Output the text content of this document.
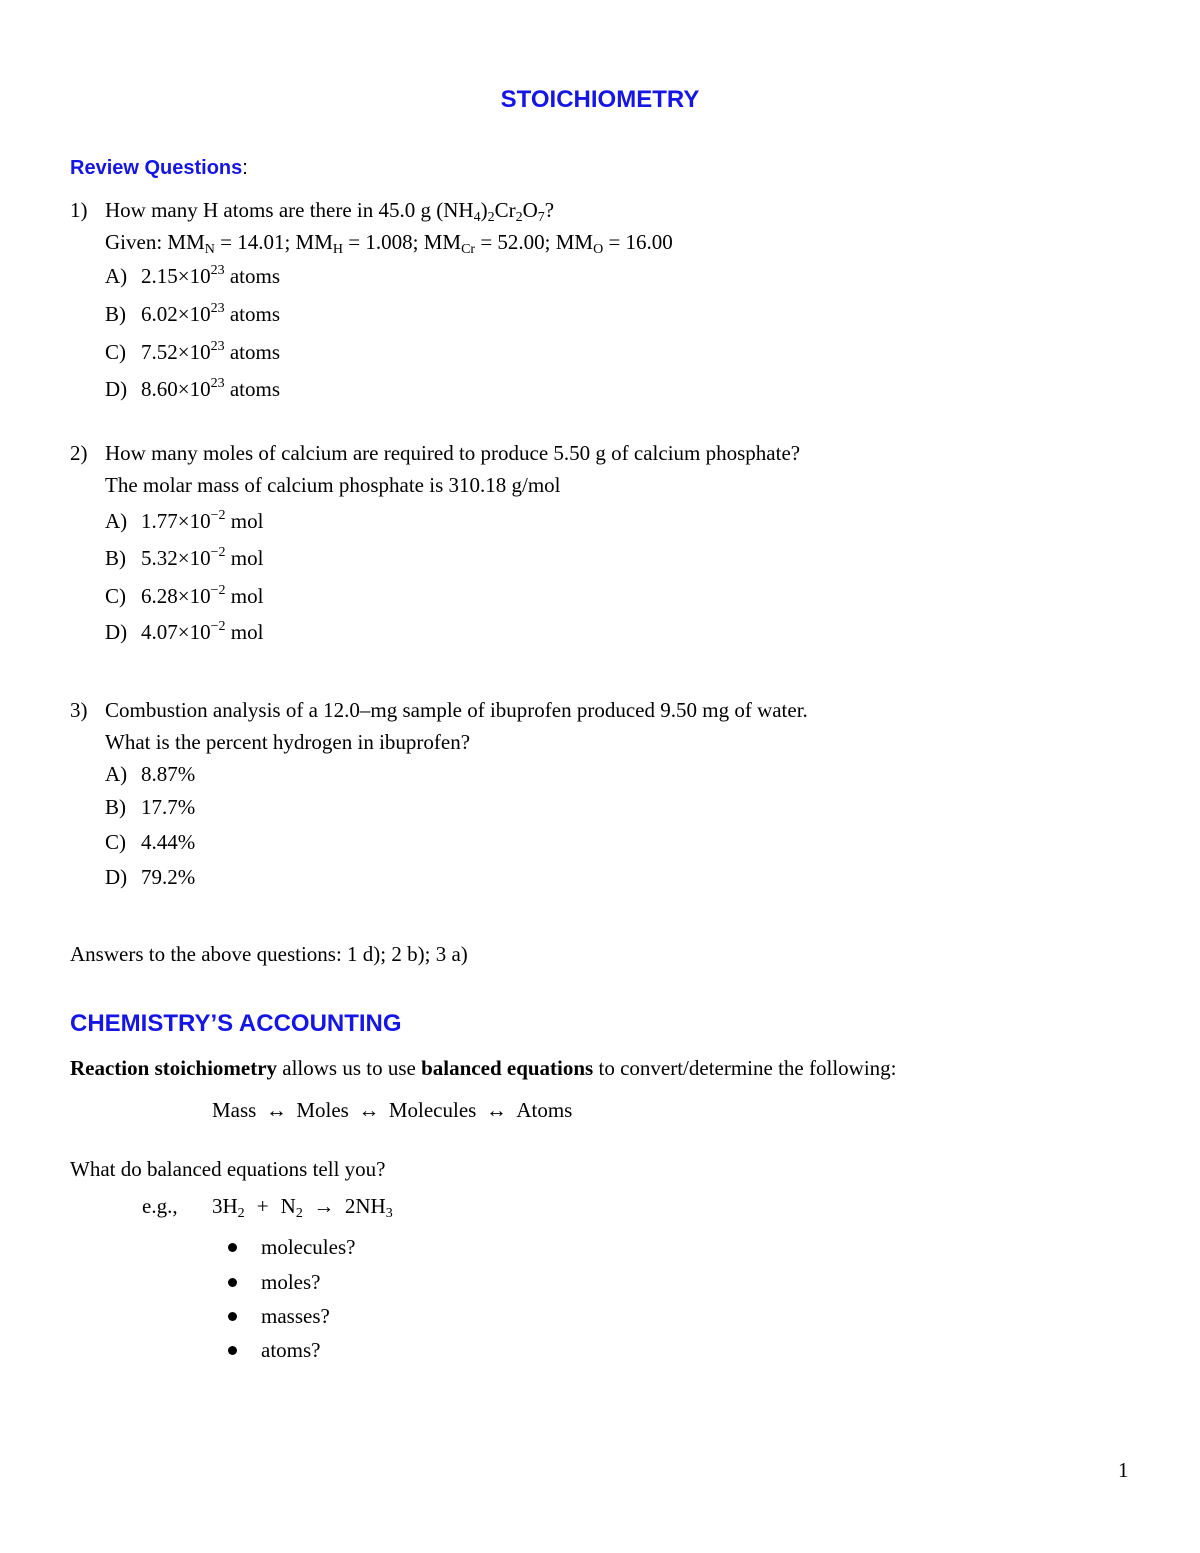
STOICHIOMETRY
Review Questions:
1) How many H atoms are there in 45.0 g $(NH_4)_2Cr_2O_7$?
Given: $MM_N = 14.01$; $MM_H = 1.008$; $MM_{Cr} = 52.00$; $MM_O = 16.00$
A) $2.15\times 10^{23}$ atoms
B) $6.02\times 10^{23}$ atoms
C) $7.52\times 10^{23}$ atoms
D) $8.60\times 10^{23}$ atoms
2) How many moles of calcium are required to produce 5.50 g of calcium phosphate?
The molar mass of calcium phosphate is 310.18 g/mol
A) $1.77\times 10^{-2}$ mol
B) $5.32\times 10^{-2}$ mol
C) $6.28\times 10^{-2}$ mol
D) $4.07\times 10^{-2}$ mol
3) Combustion analysis of a 12.0–mg sample of ibuprofen produced 9.50 mg of water.
What is the percent hydrogen in ibuprofen?
A) 8.87%
B) 17.7%
C) 4.44%
D) 79.2%
Answers to the above questions: 1 d); 2 b); 3 a)
CHEMISTRY’S ACCOUNTING
Reaction stoichiometry allows us to use balanced equations to convert/determine the following:
Mass ↔ Moles ↔ Molecules ↔ Atoms
What do balanced equations tell you?
e.g., $3H_2 + N_2 \to 2NH_3$
molecules?
moles?
masses?
atoms?
1
